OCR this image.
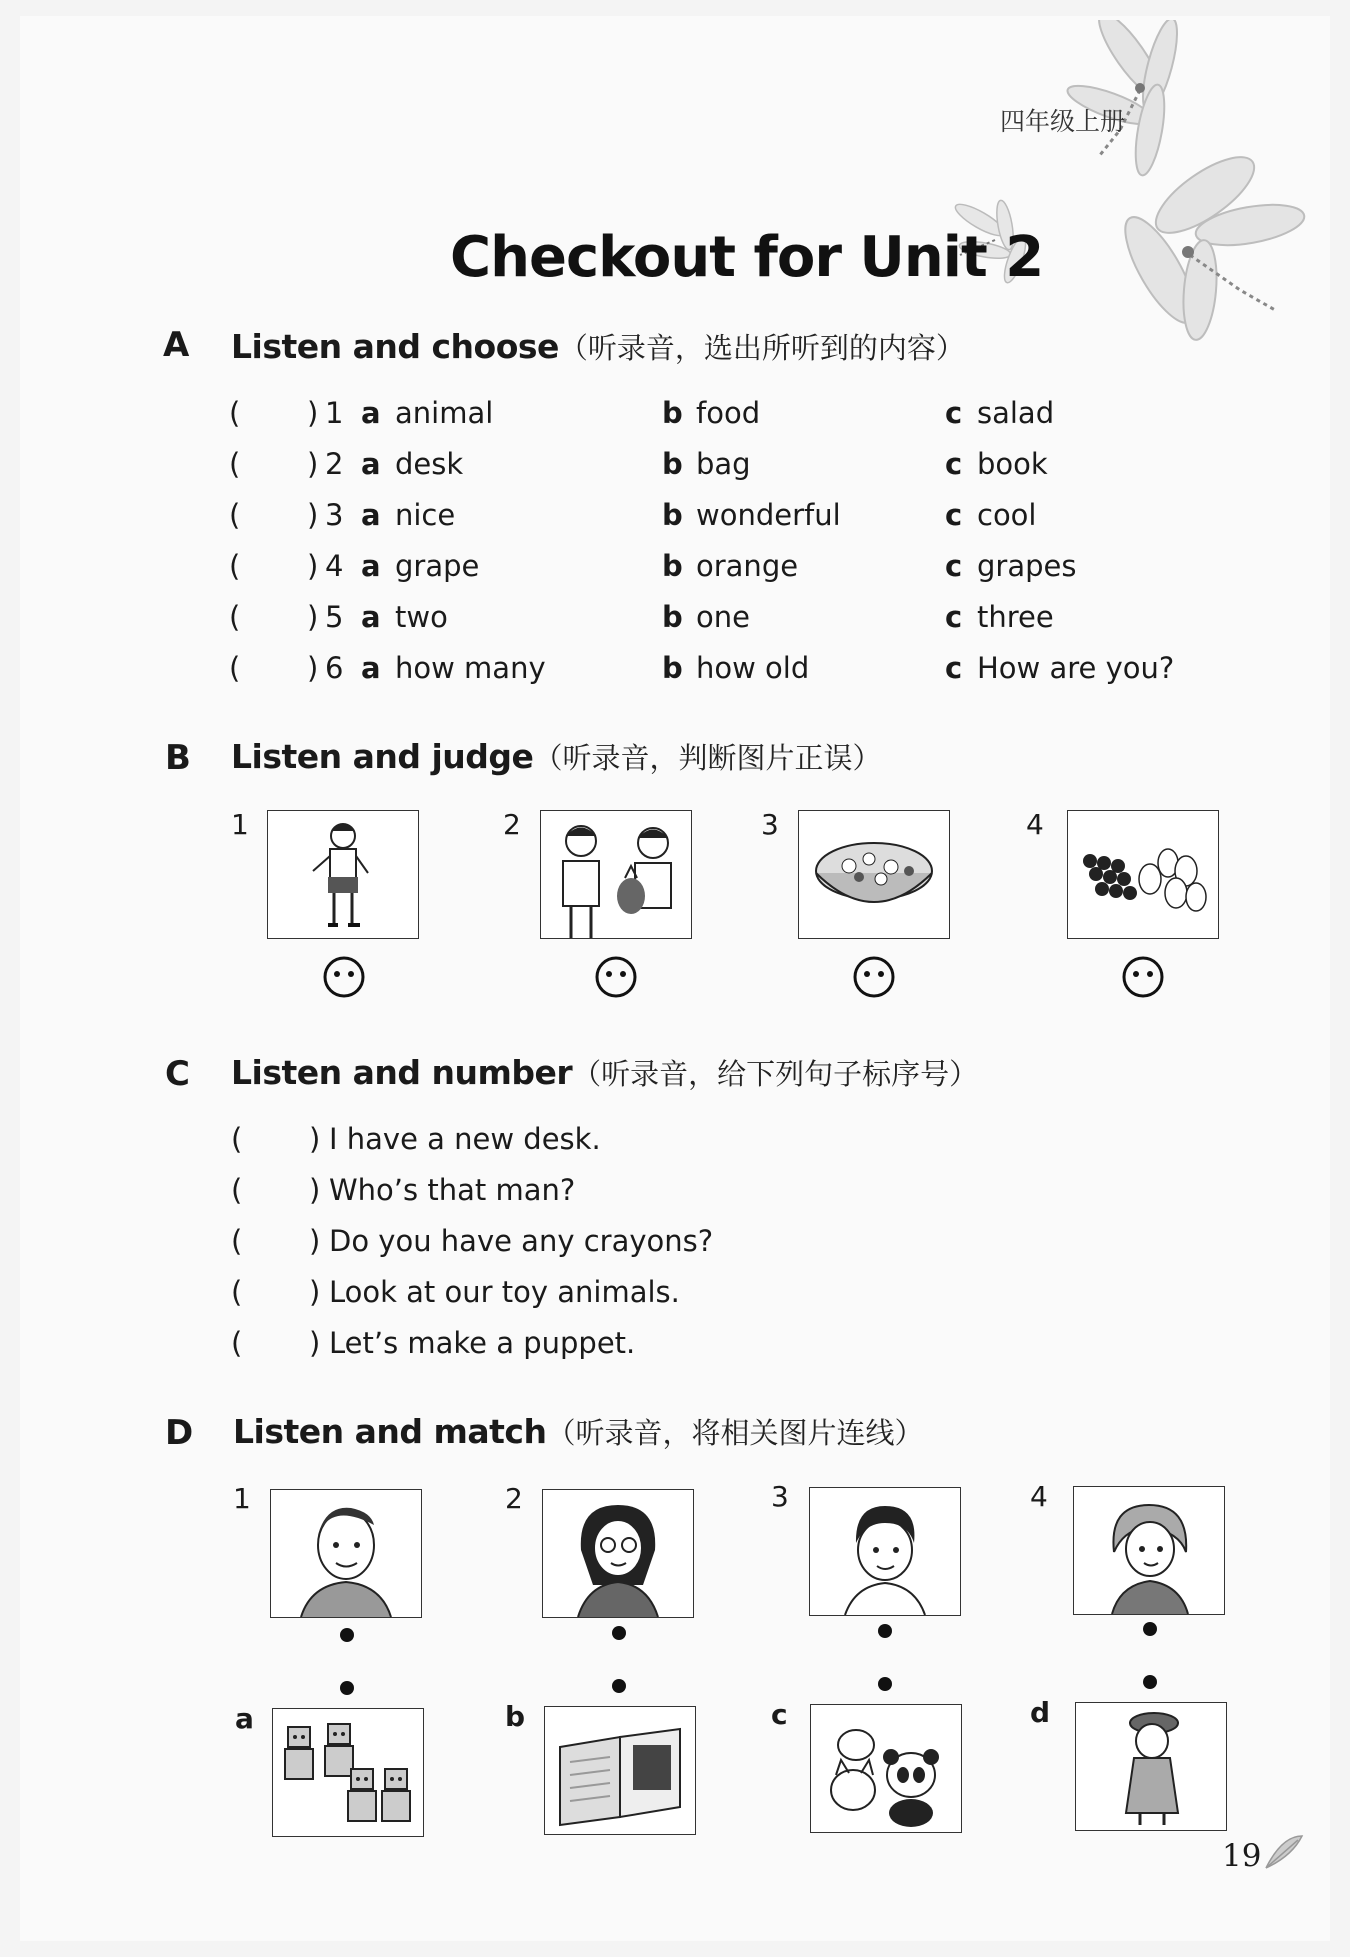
四年级上册
Checkout for Unit 2
A Listen and choose（听录音，选出所听到的内容）
( ) 1 a animal	b food	c salad
( ) 2 a desk	b bag	c book
( ) 3 a nice	b wonderful	c cool
( ) 4 a grape	b orange	c grapes
( ) 5 a two	b one	c three
( ) 6 a how many	b how old	c How are you?
B Listen and judge（听录音，判断图片正误）
1	2	3	4
C Listen and number（听录音，给下列句子标序号）
( ) I have a new desk.
( ) Who’s that man?
( ) Do you have any crayons?
( ) Look at our toy animals.
( ) Let’s make a puppet.
D Listen and match（听录音，将相关图片连线）
1	2	3	4
a	b	c	d
19
